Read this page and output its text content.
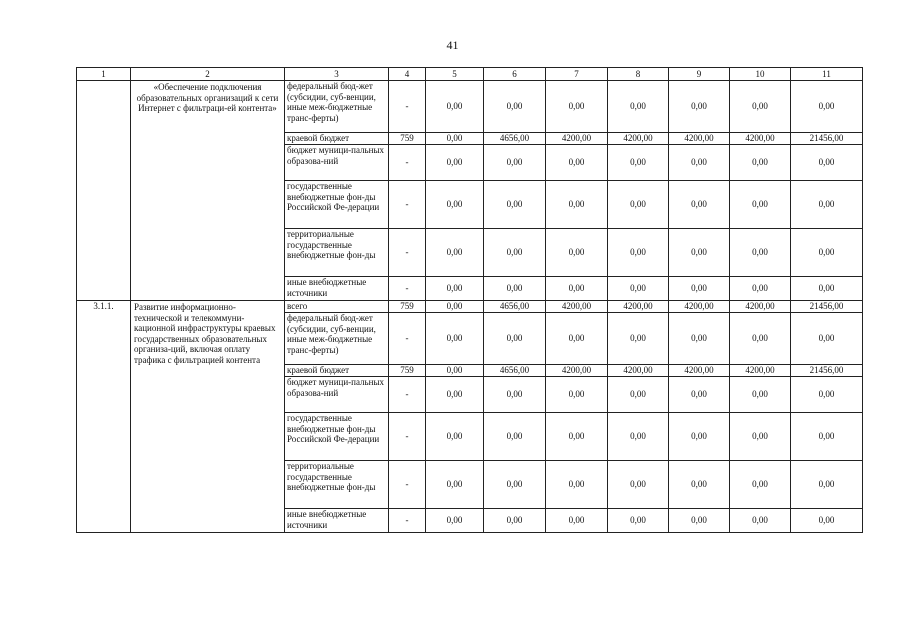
41
1	2	3	4	5	6	7	8	9	10	11
	«Обеспечение подключения образовательных организаций к сети Интернет с фильтраци-ей контента»	федеральный бюд-жет (субсидии, суб-венции, иные меж-бюджетные транс-ферты)	-	0,00	0,00	0,00	0,00	0,00	0,00	0,00
		краевой бюджет	759	0,00	4656,00	4200,00	4200,00	4200,00	4200,00	21456,00
		бюджет муници-пальных образова-ний	-	0,00	0,00	0,00	0,00	0,00	0,00	0,00
		государственные внебюджетные фон-ды Российской Фе-дерации	-	0,00	0,00	0,00	0,00	0,00	0,00	0,00
		территориальные государственные внебюджетные фон-ды	-	0,00	0,00	0,00	0,00	0,00	0,00	0,00
		иные внебюджетные источники	-	0,00	0,00	0,00	0,00	0,00	0,00	0,00
3.1.1.	Развитие информационно-технической и телекоммуни-кационной инфраструктуры краевых государственных образовательных организа-ций, включая оплату трафика с фильтрацией контента	всего	759	0,00	4656,00	4200,00	4200,00	4200,00	4200,00	21456,00
		федеральный бюд-жет (субсидии, суб-венции, иные меж-бюджетные транс-ферты)	-	0,00	0,00	0,00	0,00	0,00	0,00	0,00
		краевой бюджет	759	0,00	4656,00	4200,00	4200,00	4200,00	4200,00	21456,00
		бюджет муници-пальных образова-ний	-	0,00	0,00	0,00	0,00	0,00	0,00	0,00
		государственные внебюджетные фон-ды Российской Фе-дерации	-	0,00	0,00	0,00	0,00	0,00	0,00	0,00
		территориальные государственные внебюджетные фон-ды	-	0,00	0,00	0,00	0,00	0,00	0,00	0,00
		иные внебюджетные источники	-	0,00	0,00	0,00	0,00	0,00	0,00	0,00
